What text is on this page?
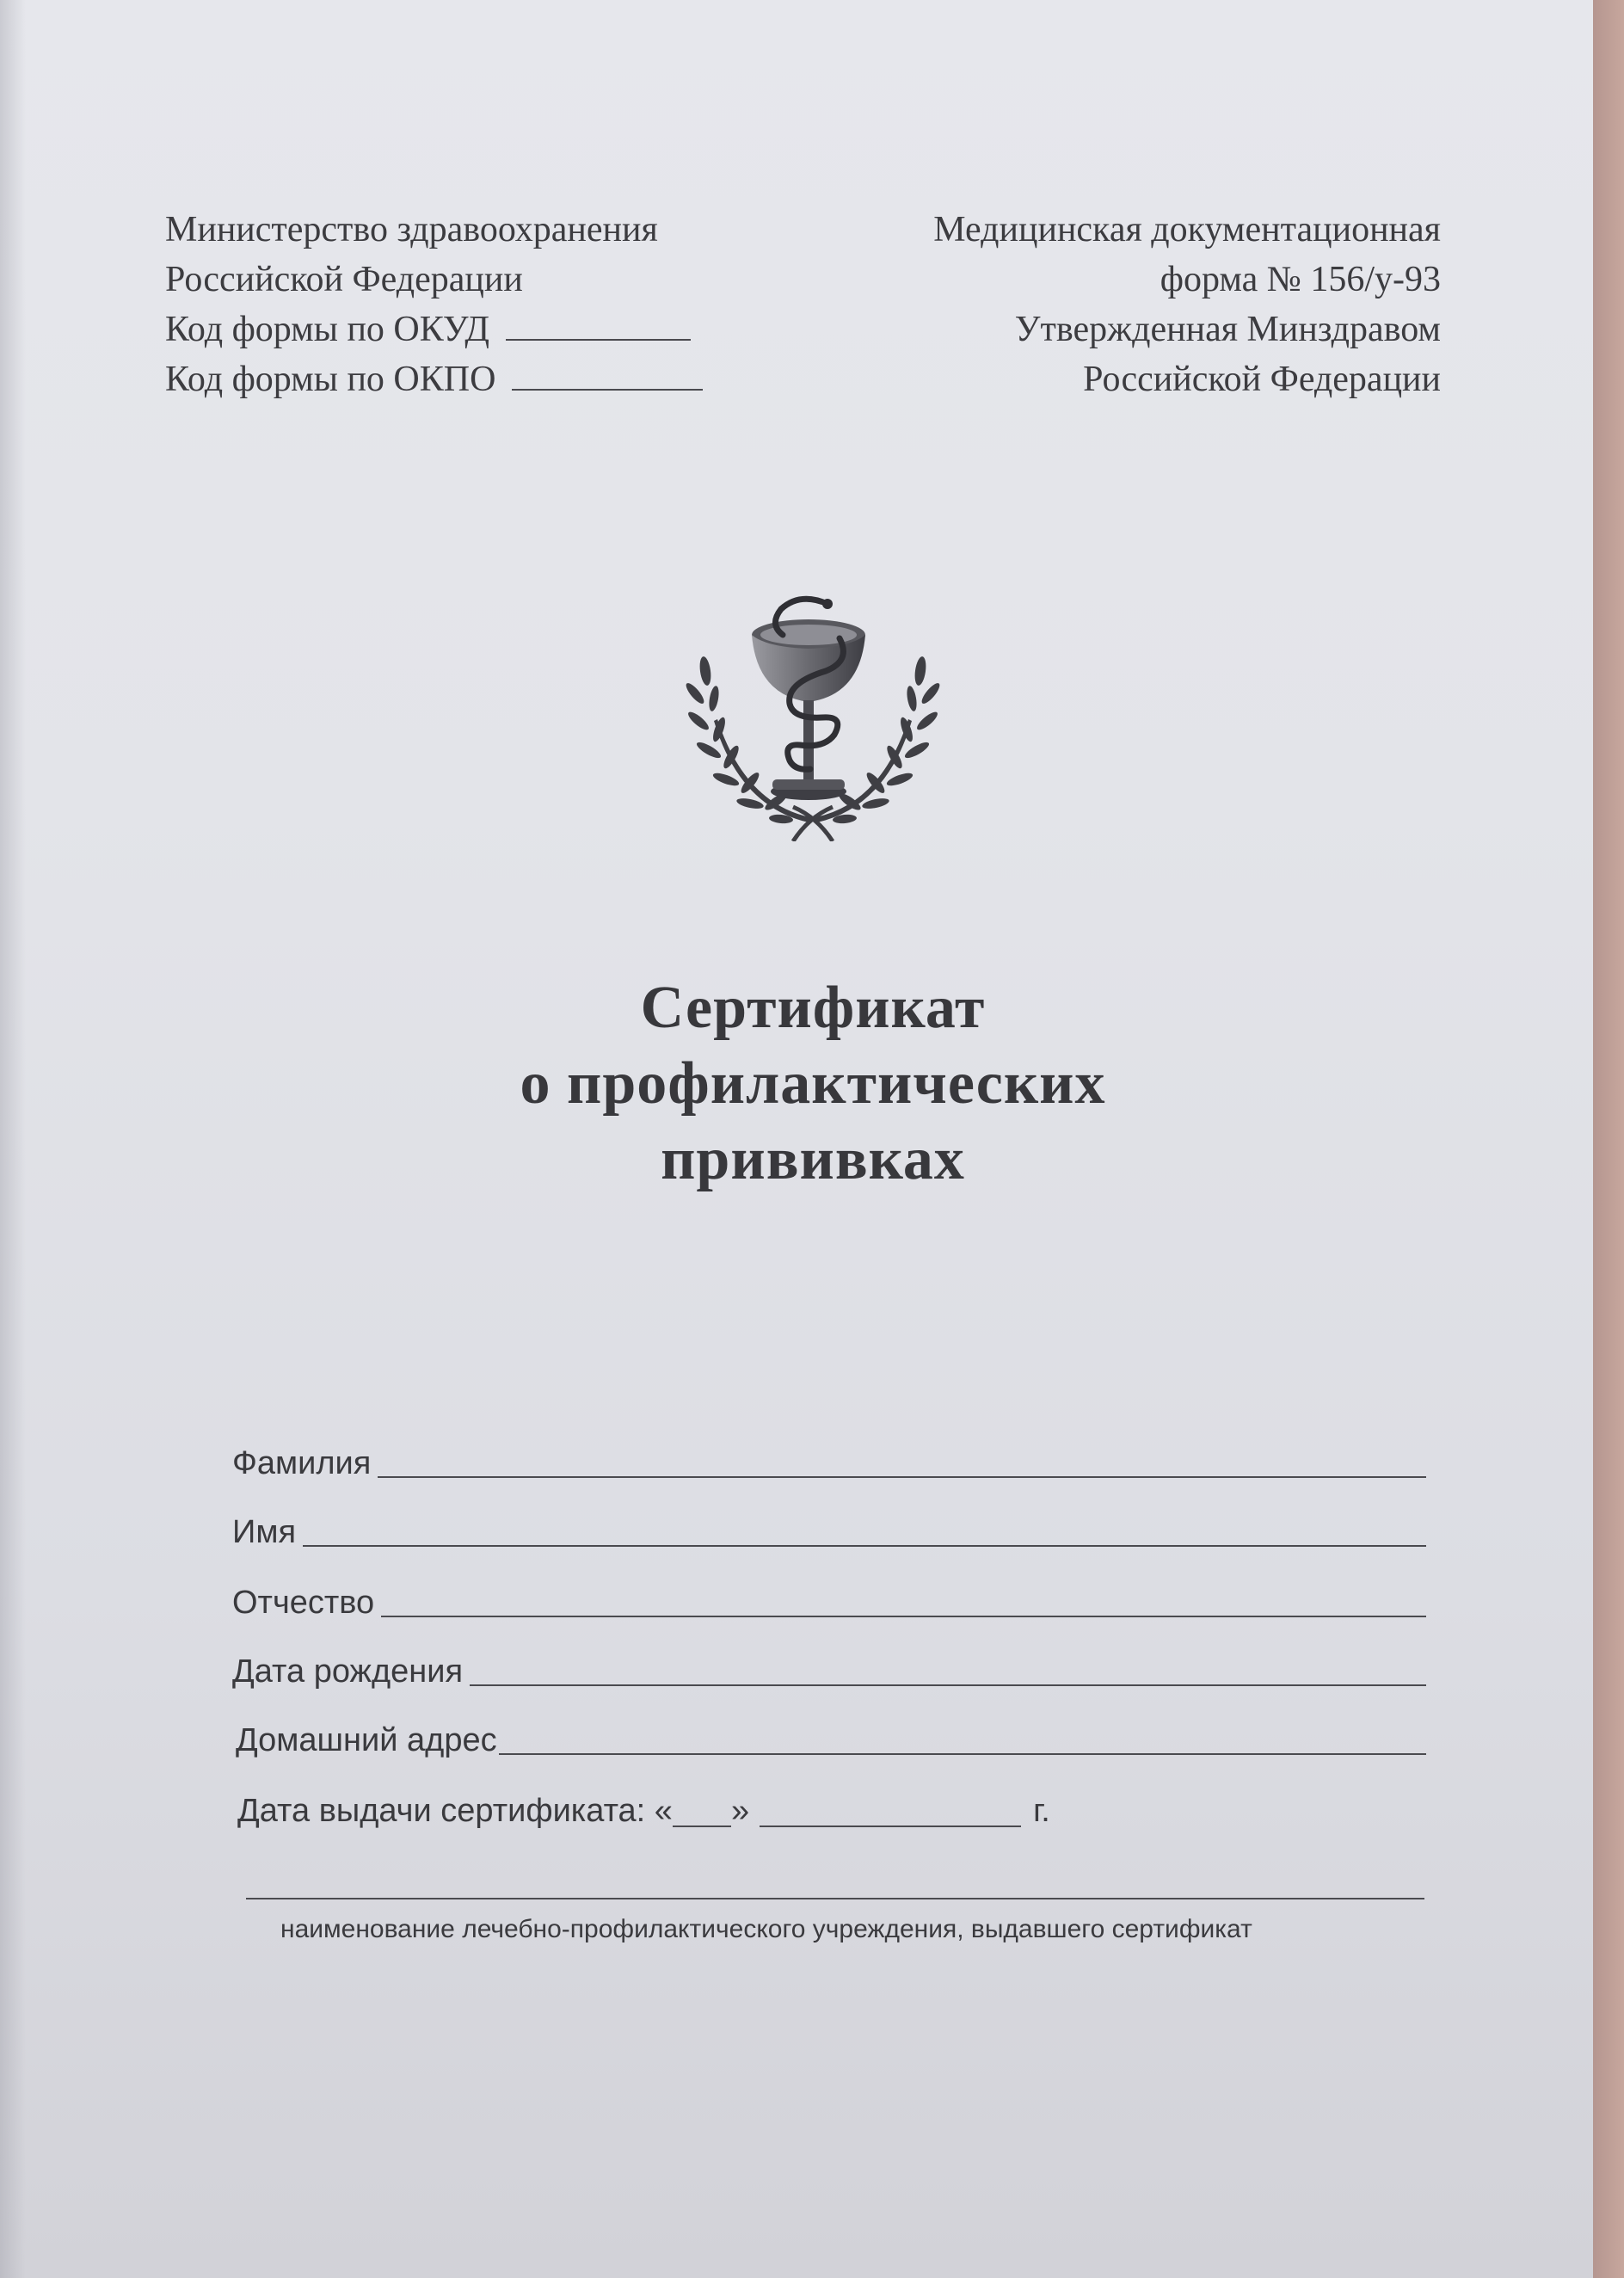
Министерство здравоохранения
Российской Федерации
Код формы по ОКУД
Код формы по ОКПО
Медицинская документационная
форма № 156/у-93
Утвержденная Минздравом
Российской Федерации
Сертификат
о профилактических
прививках
Фамилия
Имя
Отчество
Дата рождения
Домашний адрес
Дата выдачи сертификата: « »	г.
наименование лечебно-профилактического учреждения, выдавшего сертификат
